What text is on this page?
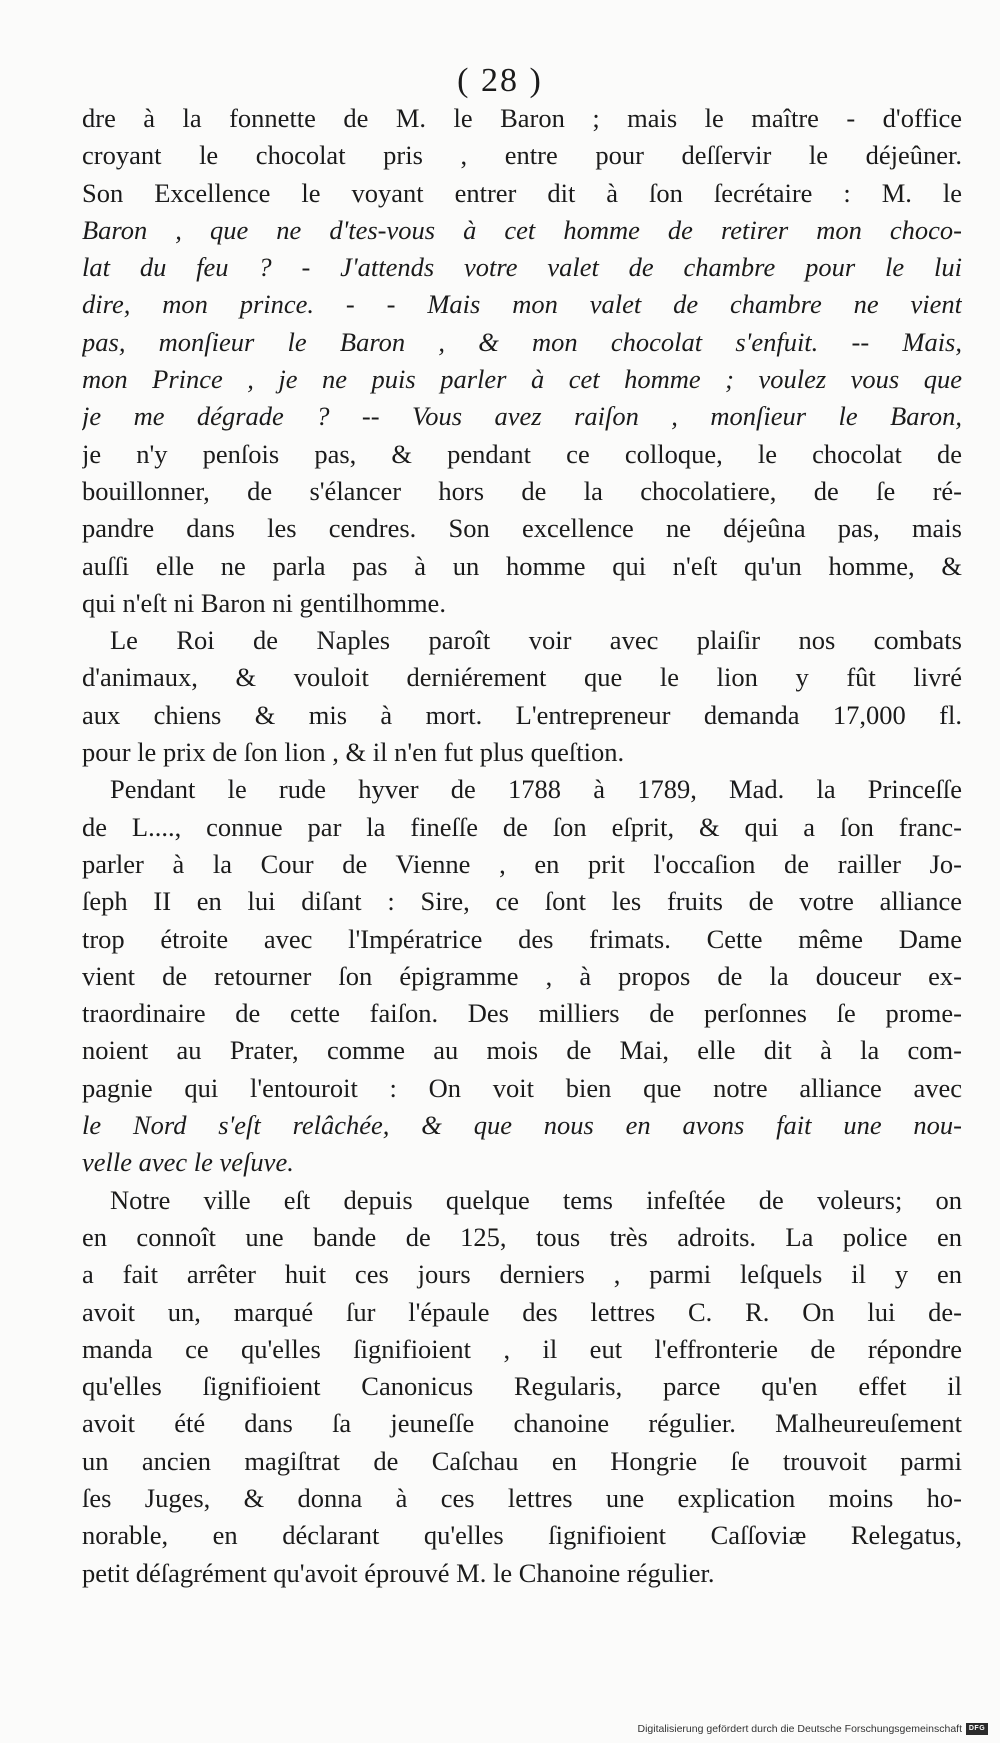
( 28 )
dre à la fonnette de M. le Baron ; mais le maître - d'office
croyant le chocolat pris , entre pour deſſervir le déjeûner.
Son Excellence le voyant entrer dit à ſon ſecrétaire : M. le
Baron , que ne d'tes-vous à cet homme de retirer mon choco-
lat du feu ? - J'attends votre valet de chambre pour le lui
dire, mon prince. - - Mais mon valet de chambre ne vient
pas, monſieur le Baron , & mon chocolat s'enfuit. -- Mais,
mon Prince , je ne puis parler à cet homme ; voulez vous que
je me dégrade ? -- Vous avez raiſon , monſieur le Baron,
je n'y penſois pas, & pendant ce colloque, le chocolat de
bouillonner, de s'élancer hors de la chocolatiere, de ſe ré-
pandre dans les cendres. Son excellence ne déjeûna pas, mais
auſſi elle ne parla pas à un homme qui n'eſt qu'un homme, &
qui n'eſt ni Baron ni gentilhomme.
Le Roi de Naples paroît voir avec plaiſir nos combats
d'animaux, & vouloit derniérement que le lion y fût livré
aux chiens & mis à mort. L'entrepreneur demanda 17,000 fl.
pour le prix de ſon lion , & il n'en fut plus queſtion.
Pendant le rude hyver de 1788 à 1789, Mad. la Princeſſe
de L...., connue par la fineſſe de ſon eſprit, & qui a ſon franc-
parler à la Cour de Vienne , en prit l'occaſion de railler Jo-
ſeph II en lui diſant : Sire, ce ſont les fruits de votre alliance
trop étroite avec l'Impératrice des frimats. Cette même Dame
vient de retourner ſon épigramme , à propos de la douceur ex-
traordinaire de cette faiſon. Des milliers de perſonnes ſe prome-
noient au Prater, comme au mois de Mai, elle dit à la com-
pagnie qui l'entouroit : On voit bien que notre alliance avec
le Nord s'eſt relâchée, & que nous en avons fait une nou-
velle avec le veſuve.
Notre ville eſt depuis quelque tems infeſtée de voleurs; on
en connoît une bande de 125, tous très adroits. La police en
a fait arrêter huit ces jours derniers , parmi leſquels il y en
avoit un, marqué ſur l'épaule des lettres C. R. On lui de-
manda ce qu'elles ſignifioient , il eut l'effronterie de répondre
qu'elles ſignifioient Canonicus Regularis, parce qu'en effet il
avoit été dans ſa jeuneſſe chanoine régulier. Malheureuſement
un ancien magiſtrat de Caſchau en Hongrie ſe trouvoit parmi
ſes Juges, & donna à ces lettres une explication moins ho-
norable, en déclarant qu'elles ſignifioient Caſſoviæ Relegatus,
petit déſagrément qu'avoit éprouvé M. le Chanoine régulier.
Digitalisierung gefördert durch die Deutsche Forschungsgemeinschaft DFG
